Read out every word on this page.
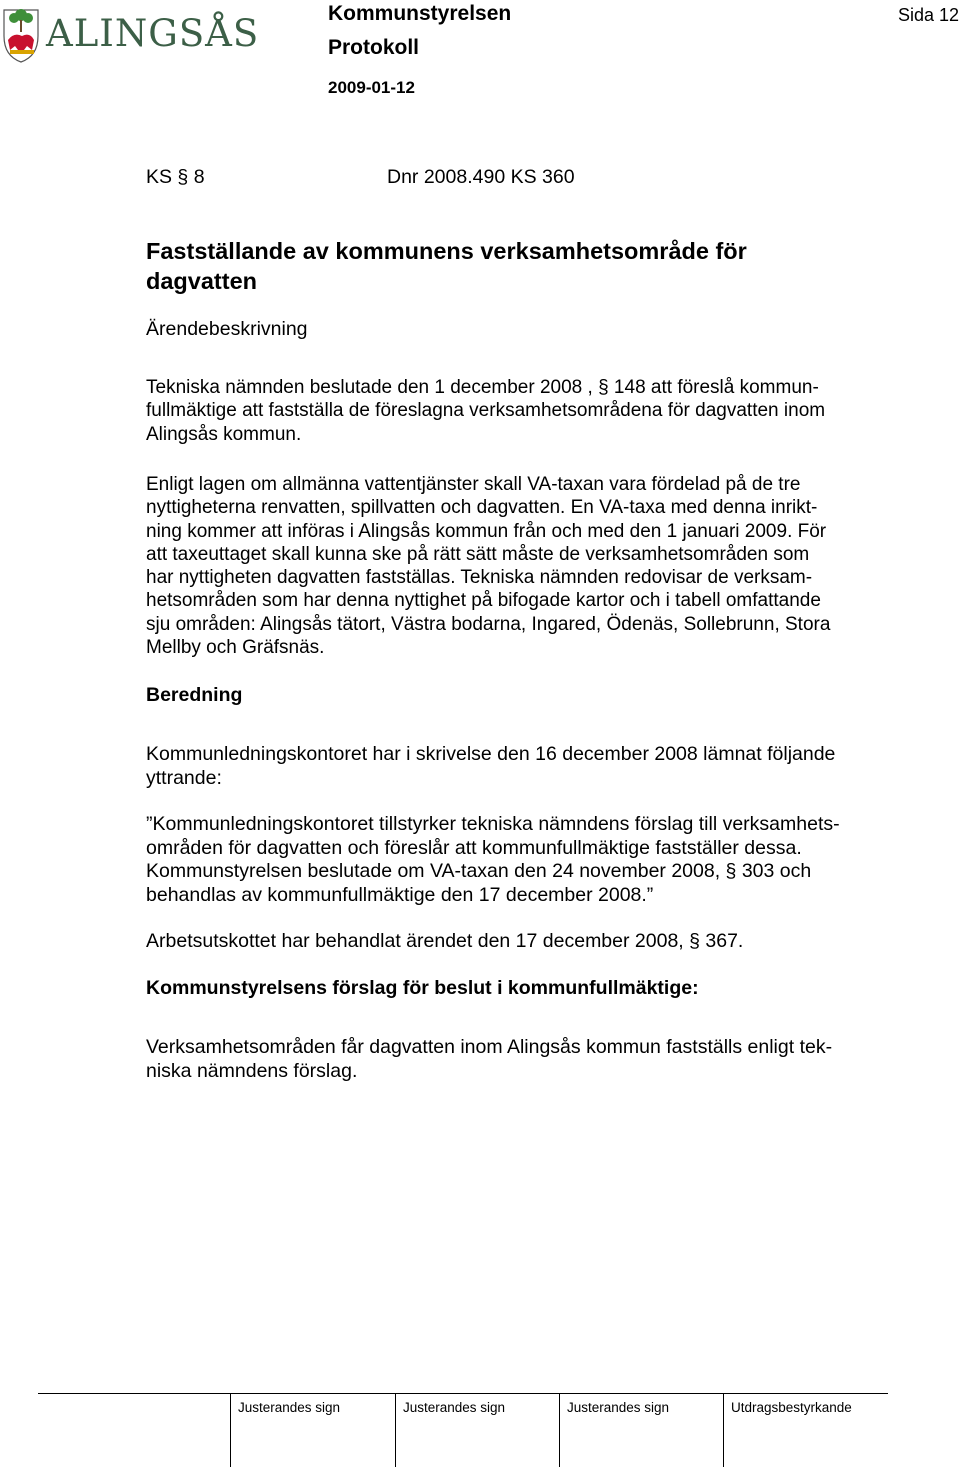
ALINGSÅS	Kommunstyrelsen
Protokoll
2009-01-12
Sida 12
KS § 8	Dnr 2008.490 KS 360
Fastställande av kommunens verksamhetsområde för
dagvatten
Ärendebeskrivning
Tekniska nämnden beslutade den 1 december 2008 , § 148 att föreslå kommun-
fullmäktige att fastställa de föreslagna verksamhetsområdena för dagvatten inom
Alingsås kommun.
Enligt lagen om allmänna vattentjänster skall VA-taxan vara fördelad på de tre
nyttigheterna renvatten, spillvatten och dagvatten. En VA-taxa med denna inrikt-
ning kommer att införas i Alingsås kommun från och med den 1 januari 2009. För
att taxeuttaget skall kunna ske på rätt sätt måste de verksamhetsområden som
har nyttigheten dagvatten fastställas. Tekniska nämnden redovisar de verksam-
hetsområden som har denna nyttighet på bifogade kartor och i tabell omfattande
sju områden: Alingsås tätort, Västra bodarna, Ingared, Ödenäs, Sollebrunn, Stora
Mellby och Gräfsnäs.
Beredning
Kommunledningskontoret har i skrivelse den 16 december 2008 lämnat följande
yttrande:
”Kommunledningskontoret tillstyrker tekniska nämndens förslag till verksamhets-
områden för dagvatten och föreslår att kommunfullmäktige fastställer dessa.
Kommunstyrelsen beslutade om VA-taxan den 24 november 2008, § 303 och
behandlas av kommunfullmäktige den 17 december 2008.”
Arbetsutskottet har behandlat ärendet den 17 december 2008, § 367.
Kommunstyrelsens förslag för beslut i kommunfullmäktige:
Verksamhetsområden får dagvatten inom Alingsås kommun fastställs enligt tek-
niska nämndens förslag.
Justerandes sign	Justerandes sign	Justerandes sign	Utdragsbestyrkande
